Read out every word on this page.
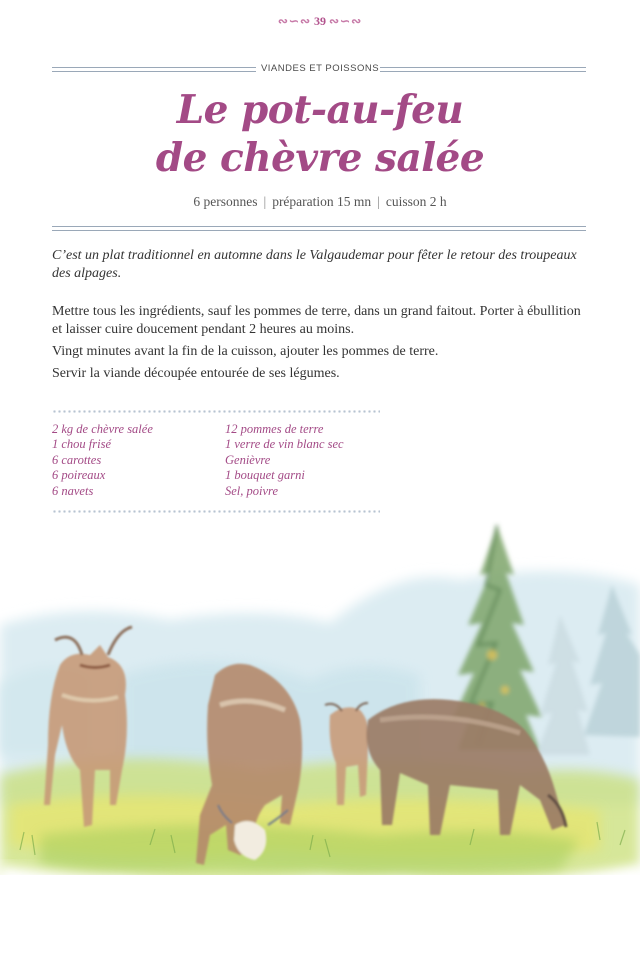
∾∽∾ 39 ∾∽∾
VIANDES ET POISSONS
Le pot-au-feu
de chèvre salée
6 personnes | préparation 15 mn | cuisson 2 h
C’est un plat traditionnel en automne dans le Valgaudemar pour fêter le retour des troupeaux des alpages.

Mettre tous les ingrédients, sauf les pommes de terre, dans un grand faitout. Porter à ébullition et laisser cuire doucement pendant 2 heures au moins.

Vingt minutes avant la fin de la cuisson, ajouter les pommes de terre.

Servir la viande découpée entourée de ses légumes.

2 kg de chèvre salée
1 chou frisé
6 carottes
6 poireaux
6 navets
12 pommes de terre
1 verre de vin blanc sec
Genièvre
1 bouquet garni
Sel, poivre
